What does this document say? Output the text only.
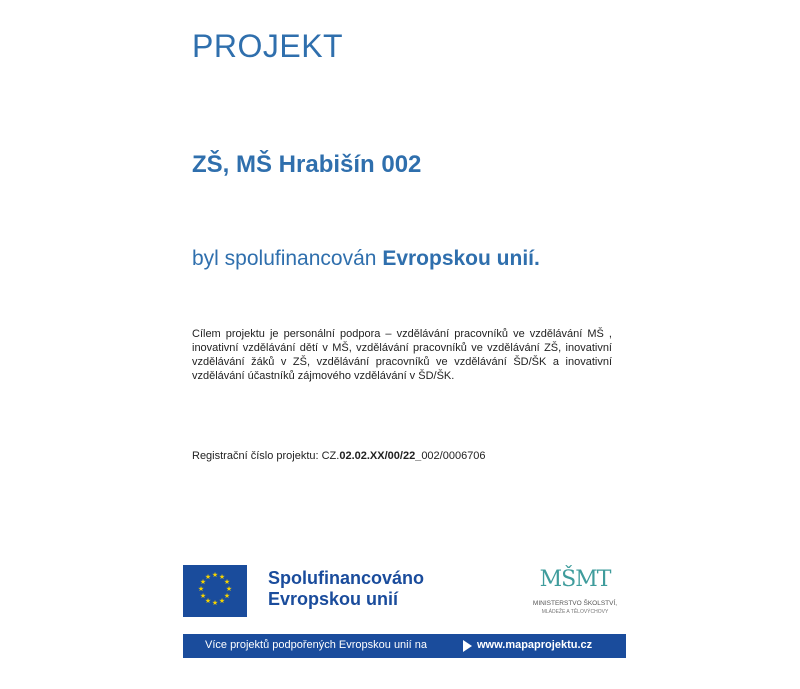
PROJEKT
ZŠ, MŠ Hrabišín 002

byl spolufinancován Evropskou unií.

Cílem projektu je personální podpora – vzdělávání pracovníků ve vzdělávání MŠ , inovativní vzdělávání dětí v MŠ, vzdělávání pracovníků ve vzdělávání ZŠ, inovativní vzdělávání žáků v ZŠ, vzdělávání pracovníků ve vzdělávání ŠD/ŠK a inovativní vzdělávání účastníků zájmového vzdělávání v ŠD/ŠK.

Registrační číslo projektu: CZ.02.02.XX/00/22_002/0006706

★ ★
★
★
★
★
★
★
★
★
★
★	Spolufinancováno
Evropskou unií
MŠMT
MINISTERSTVO ŠKOLSTVÍ,
MLÁDEŽE A TĚLOVÝCHOVY
Více projektů podpořených Evropskou unií na	www.mapaprojektu.cz
